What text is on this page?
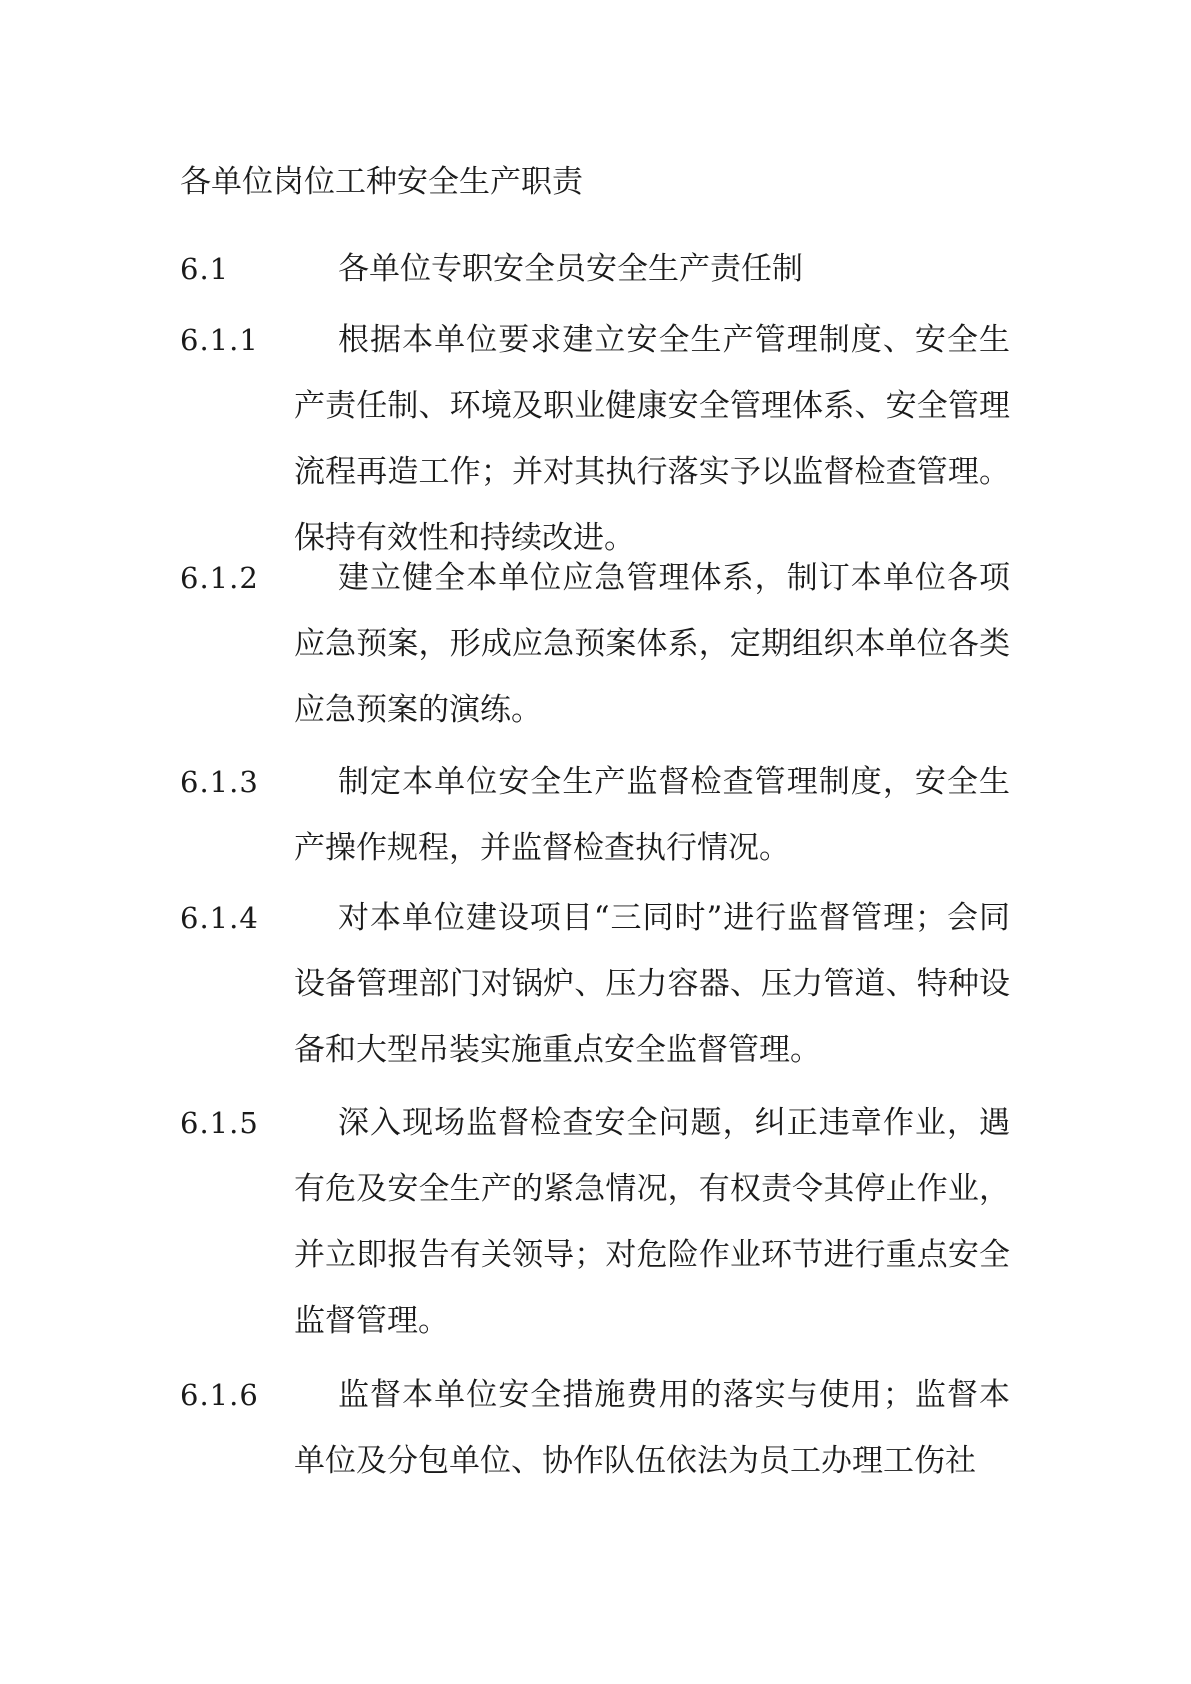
各单位岗位工种安全生产职责
6.1	各单位专职安全员安全生产责任制
6.1.1	根据本单位要求建立安全生产管理制度、安全生产责任制、环境及职业健康安全管理体系、安全管理流程再造工作；并对其执行落实予以监督检查管理。保持有效性和持续改进。
6.1.2	建立健全本单位应急管理体系，制订本单位各项应急预案，形成应急预案体系，定期组织本单位各类应急预案的演练。
6.1.3	制定本单位安全生产监督检查管理制度，安全生产操作规程，并监督检查执行情况。
6.1.4	对本单位建设项目“三同时”进行监督管理；会同设备管理部门对锅炉、压力容器、压力管道、特种设备和大型吊装实施重点安全监督管理。
6.1.5	深入现场监督检查安全问题，纠正违章作业，遇有危及安全生产的紧急情况，有权责令其停止作业，并立即报告有关领导；对危险作业环节进行重点安全监督管理。
6.1.6	监督本单位安全措施费用的落实与使用；监督本单位及分包单位、协作队伍依法为员工办理工伤社
